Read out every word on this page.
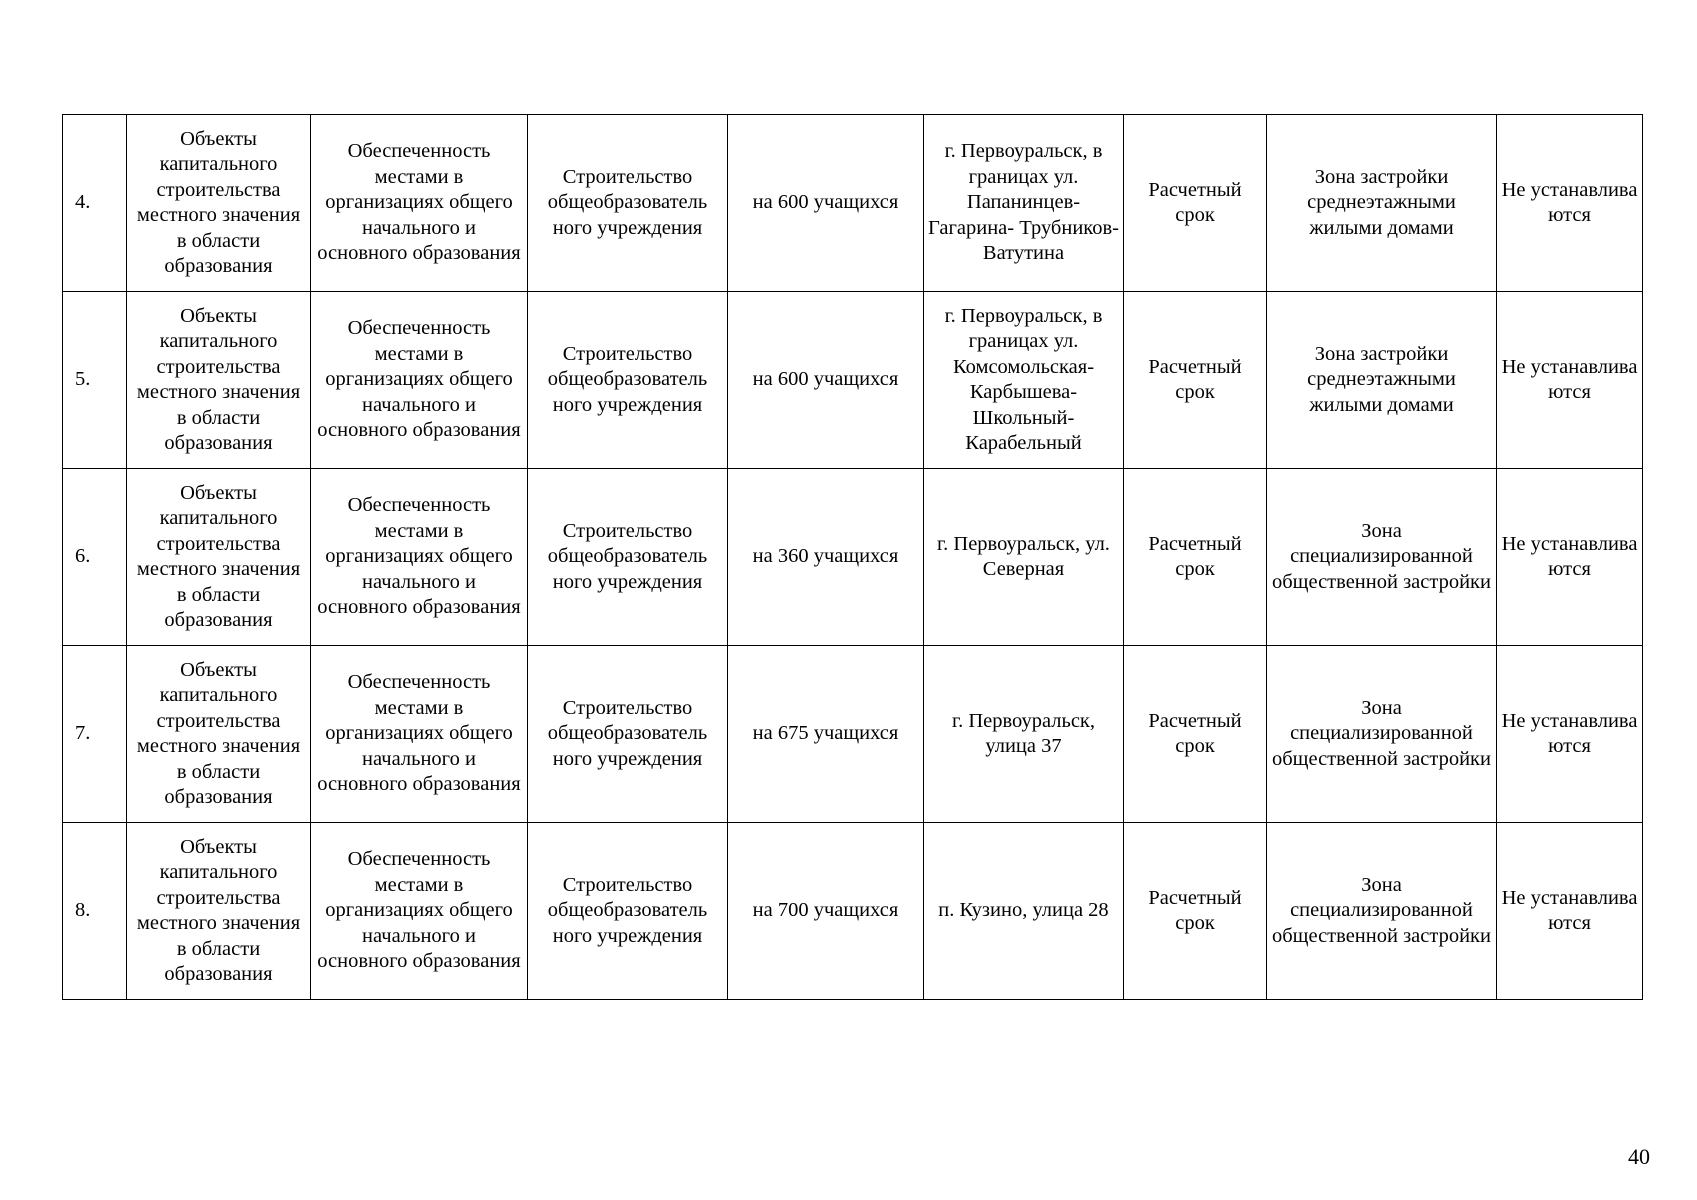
4.	Объекты капитального строительства местного значения в области образования	Обеспеченность местами в организациях общего начального и основного образования	Строительство общеобразователь ного учреждения	на 600 учащихся	г. Первоуральск, в границах ул. Папанинцев- Гагарина- Трубников- Ватутина	Расчетный срок	Зона застройки среднеэтажными жилыми домами	Не устанавлива ются
5.	Объекты капитального строительства местного значения в области образования	Обеспеченность местами в организациях общего начального и основного образования	Строительство общеобразователь ного учреждения	на 600 учащихся	г. Первоуральск, в границах ул. Комсомольская- Карбышева- Школьный- Карабельный	Расчетный срок	Зона застройки среднеэтажными жилыми домами	Не устанавлива ются
6.	Объекты капитального строительства местного значения в области образования	Обеспеченность местами в организациях общего начального и основного образования	Строительство общеобразователь ного учреждения	на 360 учащихся	г. Первоуральск, ул. Северная	Расчетный срок	Зона специализированной общественной застройки	Не устанавлива ются
7.	Объекты капитального строительства местного значения в области образования	Обеспеченность местами в организациях общего начального и основного образования	Строительство общеобразователь ного учреждения	на 675 учащихся	г. Первоуральск, улица 37	Расчетный срок	Зона специализированной общественной застройки	Не устанавлива ются
8.	Объекты капитального строительства местного значения в области образования	Обеспеченность местами в организациях общего начального и основного образования	Строительство общеобразователь ного учреждения	на 700 учащихся	п. Кузино, улица 28	Расчетный срок	Зона специализированной общественной застройки	Не устанавлива ются
40
